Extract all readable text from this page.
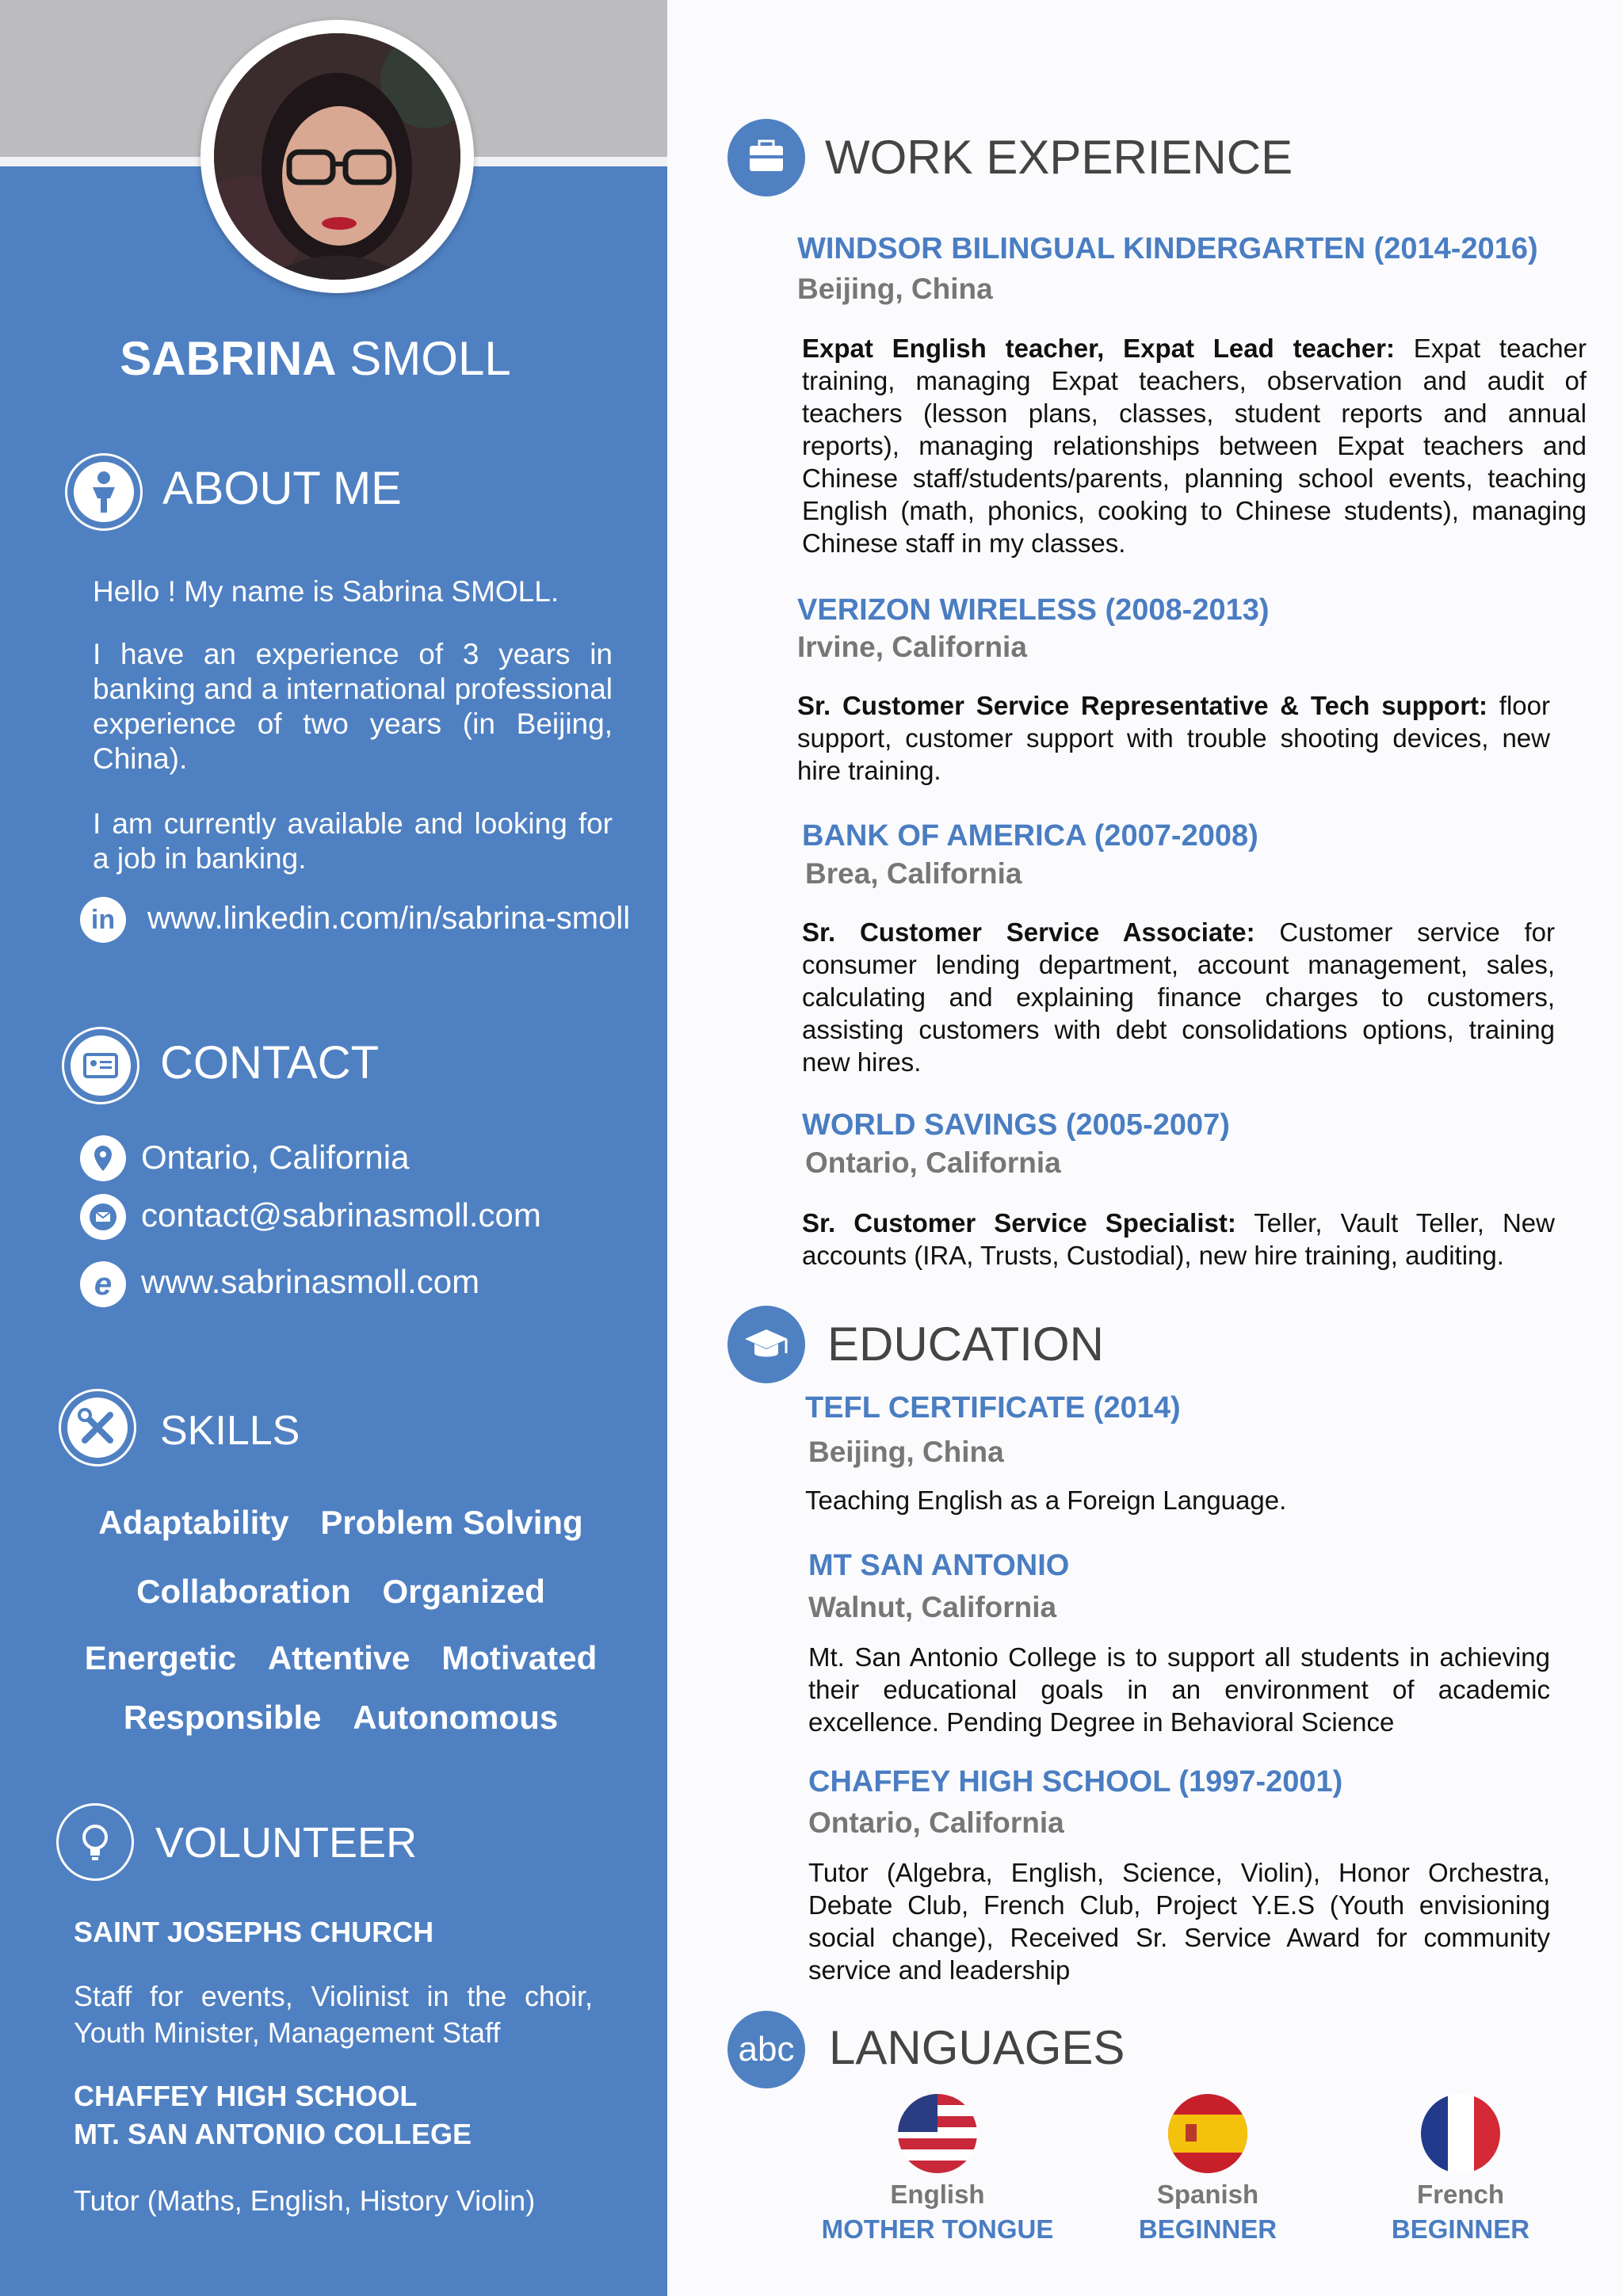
SABRINA SMOLL
ABOUT ME
Hello ! My name is Sabrina SMOLL.
I have an experience of 3 years in banking and a international professional experience of two years (in Beijing, China).
I am currently available and looking for a job in banking.
in	www.linkedin.com/in/sabrina-smoll
CONTACT
Ontario, California
contact@sabrinasmoll.com
e www.sabrinasmoll.com
SKILLS
Adaptability Problem Solving
Collaboration Organized
Energetic Attentive Motivated
Responsible Autonomous
VOLUNTEER
SAINT JOSEPHS CHURCH
Staff for events, Violinist in the choir, Youth Minister, Management Staff
CHAFFEY HIGH SCHOOL
MT. SAN ANTONIO COLLEGE
Tutor (Maths, English, History Violin)
WORK EXPERIENCE
WINDSOR BILINGUAL KINDERGARTEN (2014-2016)
Beijing, China
Expat English teacher, Expat Lead teacher: Expat teacher training, managing Expat teachers, observation and audit of teachers (lesson plans, classes, student reports and annual reports), managing relationships between Expat teachers and Chinese staff/students/parents, planning school events, teaching English (math, phonics, cooking to Chinese students), managing Chinese staff in my classes.
VERIZON WIRELESS (2008-2013)
Irvine, California
Sr. Customer Service Representative & Tech support: floor support, customer support with trouble shooting devices, new hire training.
BANK OF AMERICA (2007-2008)
Brea, California
Sr. Customer Service Associate: Customer service for consumer lending department, account management, sales, calculating and explaining finance charges to customers, assisting customers with debt consolidations options, training new hires.
WORLD SAVINGS (2005-2007)
Ontario, California
Sr. Customer Service Specialist: Teller, Vault Teller, New accounts (IRA, Trusts, Custodial), new hire training, auditing.
EDUCATION
TEFL CERTIFICATE (2014)
Beijing, China
Teaching English as a Foreign Language.
MT SAN ANTONIO
Walnut, California
Mt. San Antonio College is to support all students in achieving their educational goals in an environment of academic excellence. Pending Degree in Behavioral Science
CHAFFEY HIGH SCHOOL (1997-2001)
Ontario, California
Tutor (Algebra, English, Science, Violin), Honor Orchestra, Debate Club, French Club, Project Y.E.S (Youth envisioning social change), Received Sr. Service Award for community service and leadership
abc LANGUAGES
English
MOTHER TONGUE
Spanish
BEGINNER
French
BEGINNER
